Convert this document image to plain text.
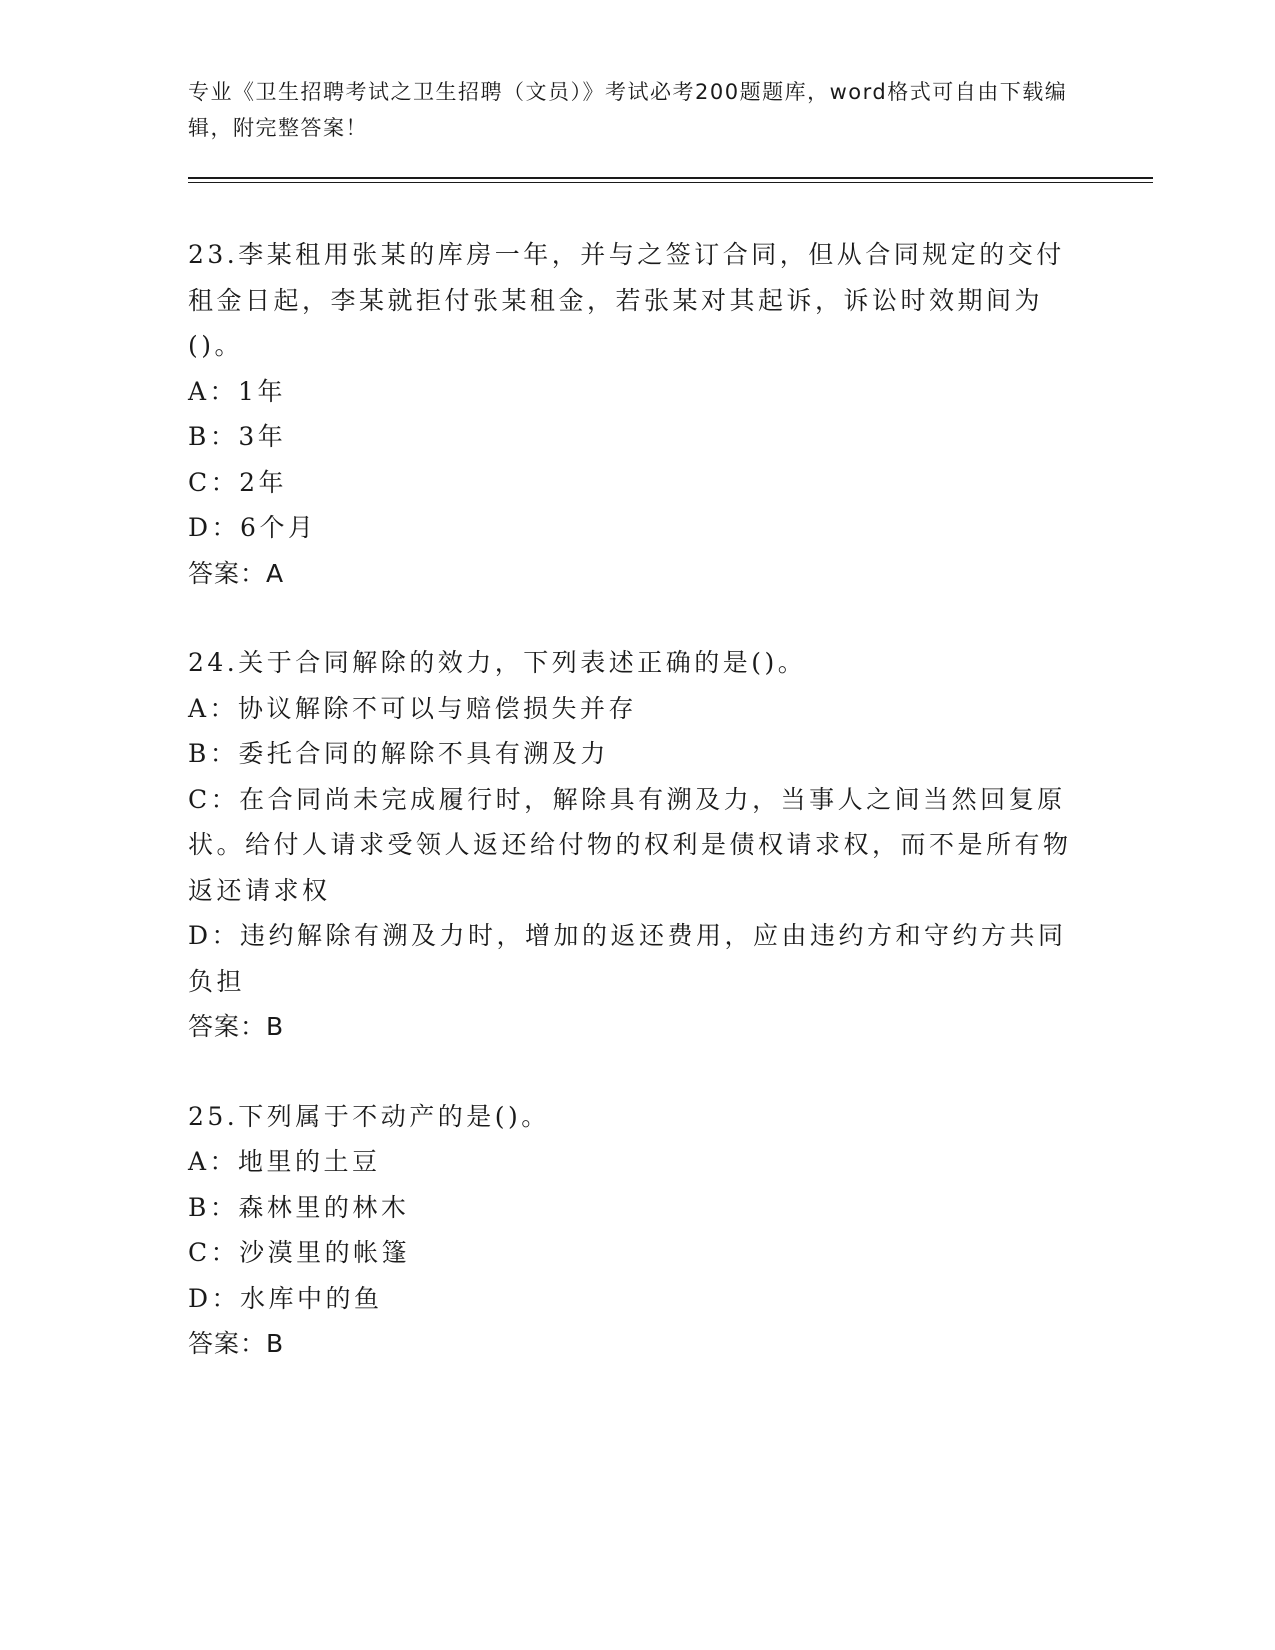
专业《卫生招聘考试之卫生招聘（文员）》考试必考200题题库，word格式可自由下载编辑，附完整答案！

23.李某租用张某的库房一年，并与之签订合同，但从合同规定的交付租金日起，李某就拒付张某租金，若张某对其起诉，诉讼时效期间为()。

A：1年

B：3年

C：2年

D：6个月

答案：A

24.关于合同解除的效力，下列表述正确的是()。

A：协议解除不可以与赔偿损失并存

B：委托合同的解除不具有溯及力

C：在合同尚未完成履行时，解除具有溯及力，当事人之间当然回复原状。给付人请求受领人返还给付物的权利是债权请求权，而不是所有物返还请求权

D：违约解除有溯及力时，增加的返还费用，应由违约方和守约方共同负担

答案：B

25.下列属于不动产的是()。

A：地里的土豆

B：森林里的林木

C：沙漠里的帐篷

D：水库中的鱼

答案：B
